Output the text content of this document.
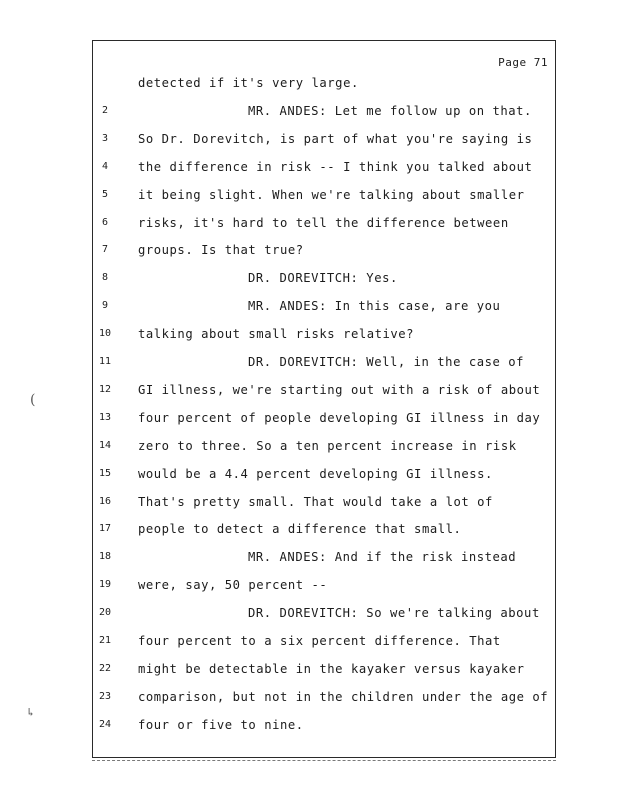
Page 71
detected if it's very large.
2	MR. ANDES: Let me follow up on that.
3	So Dr. Dorevitch, is part of what you're saying is
4	the difference in risk -- I think you talked about
5	it being slight. When we're talking about smaller
6	risks, it's hard to tell the difference between
7	groups. Is that true?
8	DR. DOREVITCH: Yes.
9	MR. ANDES: In this case, are you
10 talking about small risks relative?
11	DR. DOREVITCH: Well, in the case of
12 GI illness, we're starting out with a risk of about
13 four percent of people developing GI illness in day
14 zero to three. So a ten percent increase in risk
15 would be a 4.4 percent developing GI illness.
16 That's pretty small. That would take a lot of
17 people to detect a difference that small.
18	MR. ANDES: And if the risk instead
19 were, say, 50 percent --
20	DR. DOREVITCH: So we're talking about
21 four percent to a six percent difference. That
22 might be detectable in the kayaker versus kayaker
23 comparison, but not in the children under the age of
24 four or five to nine.
(
↳
